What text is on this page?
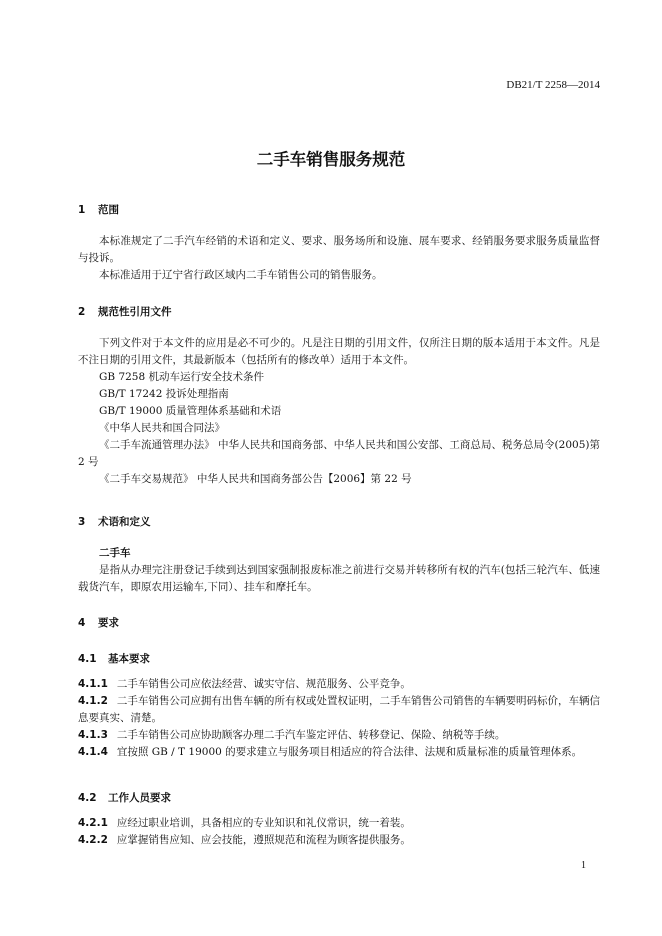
DB21/T 2258—2014
二手车销售服务规范
1 范围

本标准规定了二手汽车经销的术语和定义、要求、服务场所和设施、展车要求、经销服务要求服务质量监督与投诉。

本标准适用于辽宁省行政区域内二手车销售公司的销售服务。

2 规范性引用文件

下列文件对于本文件的应用是必不可少的。凡是注日期的引用文件，仅所注日期的版本适用于本文件。凡是不注日期的引用文件，其最新版本（包括所有的修改单）适用于本文件。

GB 7258 机动车运行安全技术条件

GB/T 17242 投诉处理指南

GB/T 19000 质量管理体系基础和术语

《中华人民共和国合同法》

《二手车流通管理办法》 中华人民共和国商务部、中华人民共和国公安部、工商总局、税务总局令(2005)第 2 号

《二手车交易规范》 中华人民共和国商务部公告【2006】第 22 号

3 术语和定义
二手车

是指从办理完注册登记手续到达到国家强制报废标准之前进行交易并转移所有权的汽车(包括三轮汽车、低速载货汽车，即原农用运输车,下同）、挂车和摩托车。

4 要求
4.1 基本要求

4.1.1 二手车销售公司应依法经营、诚实守信、规范服务、公平竞争。

4.1.2 二手车销售公司应拥有出售车辆的所有权或处置权证明，二手车销售公司销售的车辆要明码标价，车辆信息要真实、清楚。

4.1.3 二手车销售公司应协助顾客办理二手汽车鉴定评估、转移登记、保险、纳税等手续。

4.1.4 宜按照 GB / T 19000 的要求建立与服务项目相适应的符合法律、法规和质量标准的质量管理体系。

4.2 工作人员要求

4.2.1 应经过职业培训，具备相应的专业知识和礼仪常识，统一着装。

4.2.2 应掌握销售应知、应会技能，遵照规范和流程为顾客提供服务。

1
